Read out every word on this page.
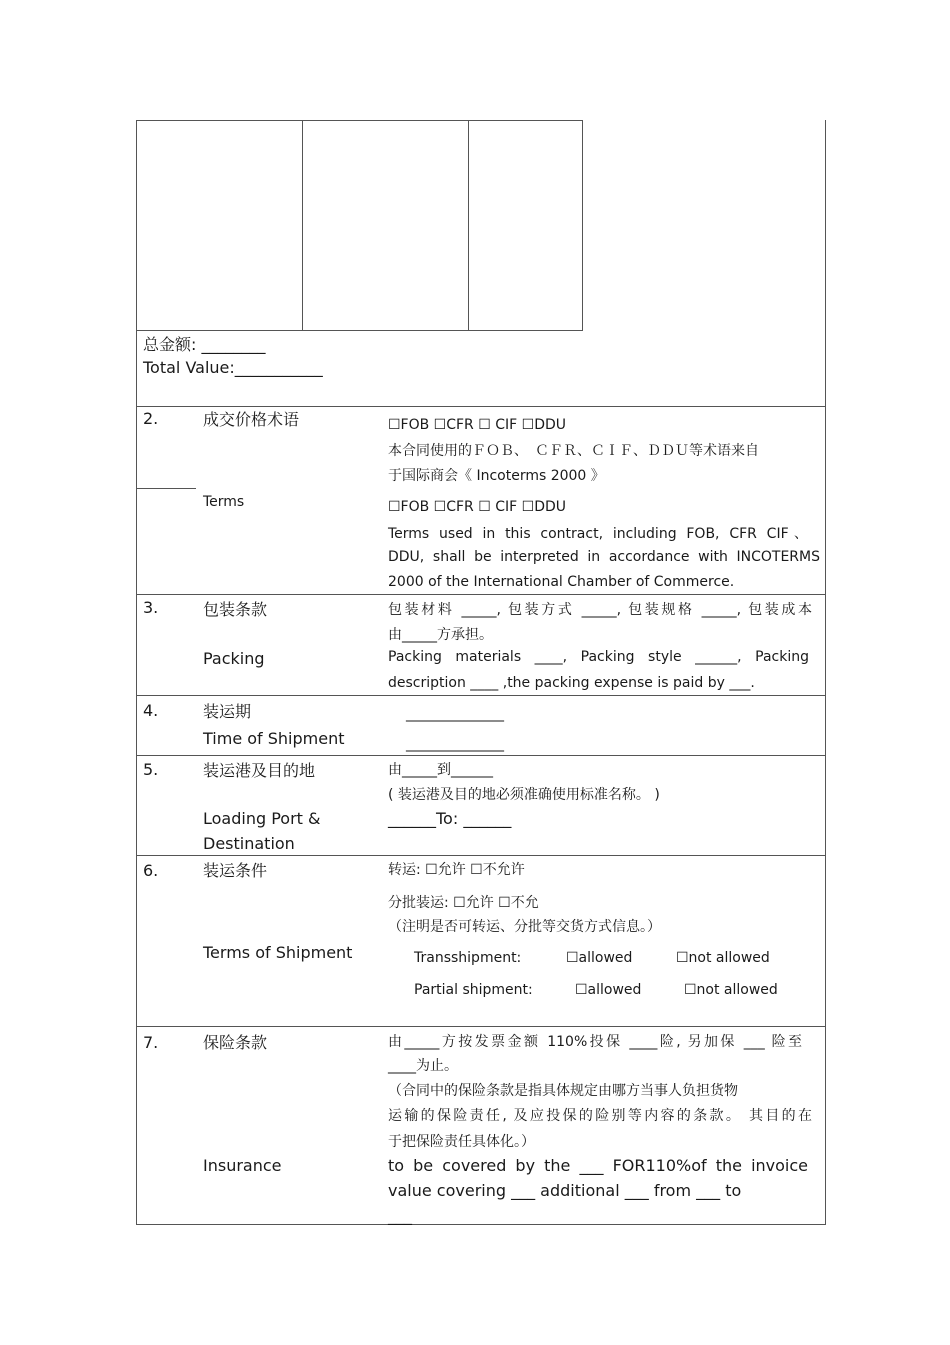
总金额: ________
Total Value:___________
2.	成交价格术语
Terms
☐FOB ☐CFR ☐ CIF ☐DDU
本合同使用的ＦＯＢ、　ＣＦＲ、ＣＩＦ、ＤＤＵ等术语来自
于国际商会《 Incoterms 2000 》
☐FOB ☐CFR ☐ CIF ☐DDU
Terms used in this contract, including FOB, CFR CIF、
DDU, shall be interpreted in accordance with INCOTERMS
2000 of the International Chamber of Commerce.
3.	包装条款
Packing
包装材料 _____, 包装方式 _____, 包装规格 _____, 包装成本
由_____方承担。
Packing materials ____, Packing style ______, Packing
description ____ ,the packing expense is paid by ___.
4.	装运期
Time of Shipment
______________
______________
5.	装运港及目的地
Loading Port &
Destination
由_____到______
( 装运港及目的地必须准确使用标准名称。 )
______To: ______
6.	装运条件
Terms of Shipment
转运: ☐允许 ☐不允许
分批装运: ☐允许 ☐不允
（注明是否可转运、分批等交货方式信息。）
Transshipment:	☐allowed	☐not allowed
Partial shipment:	☐allowed	☐not allowed
7.	保险条款
Insurance
由_____方按发票金额 110%投保 ____险, 另加保 ___ 险至
____为止。
（合同中的保险条款是指具体规定由哪方当事人负担货物
运输的保险责任, 及应投保的险别等内容的条款。 其目的在
于把保险责任具体化。）
to be covered by the ___ FOR110%of the invoice
value covering ___ additional ___ from ___ to
___
